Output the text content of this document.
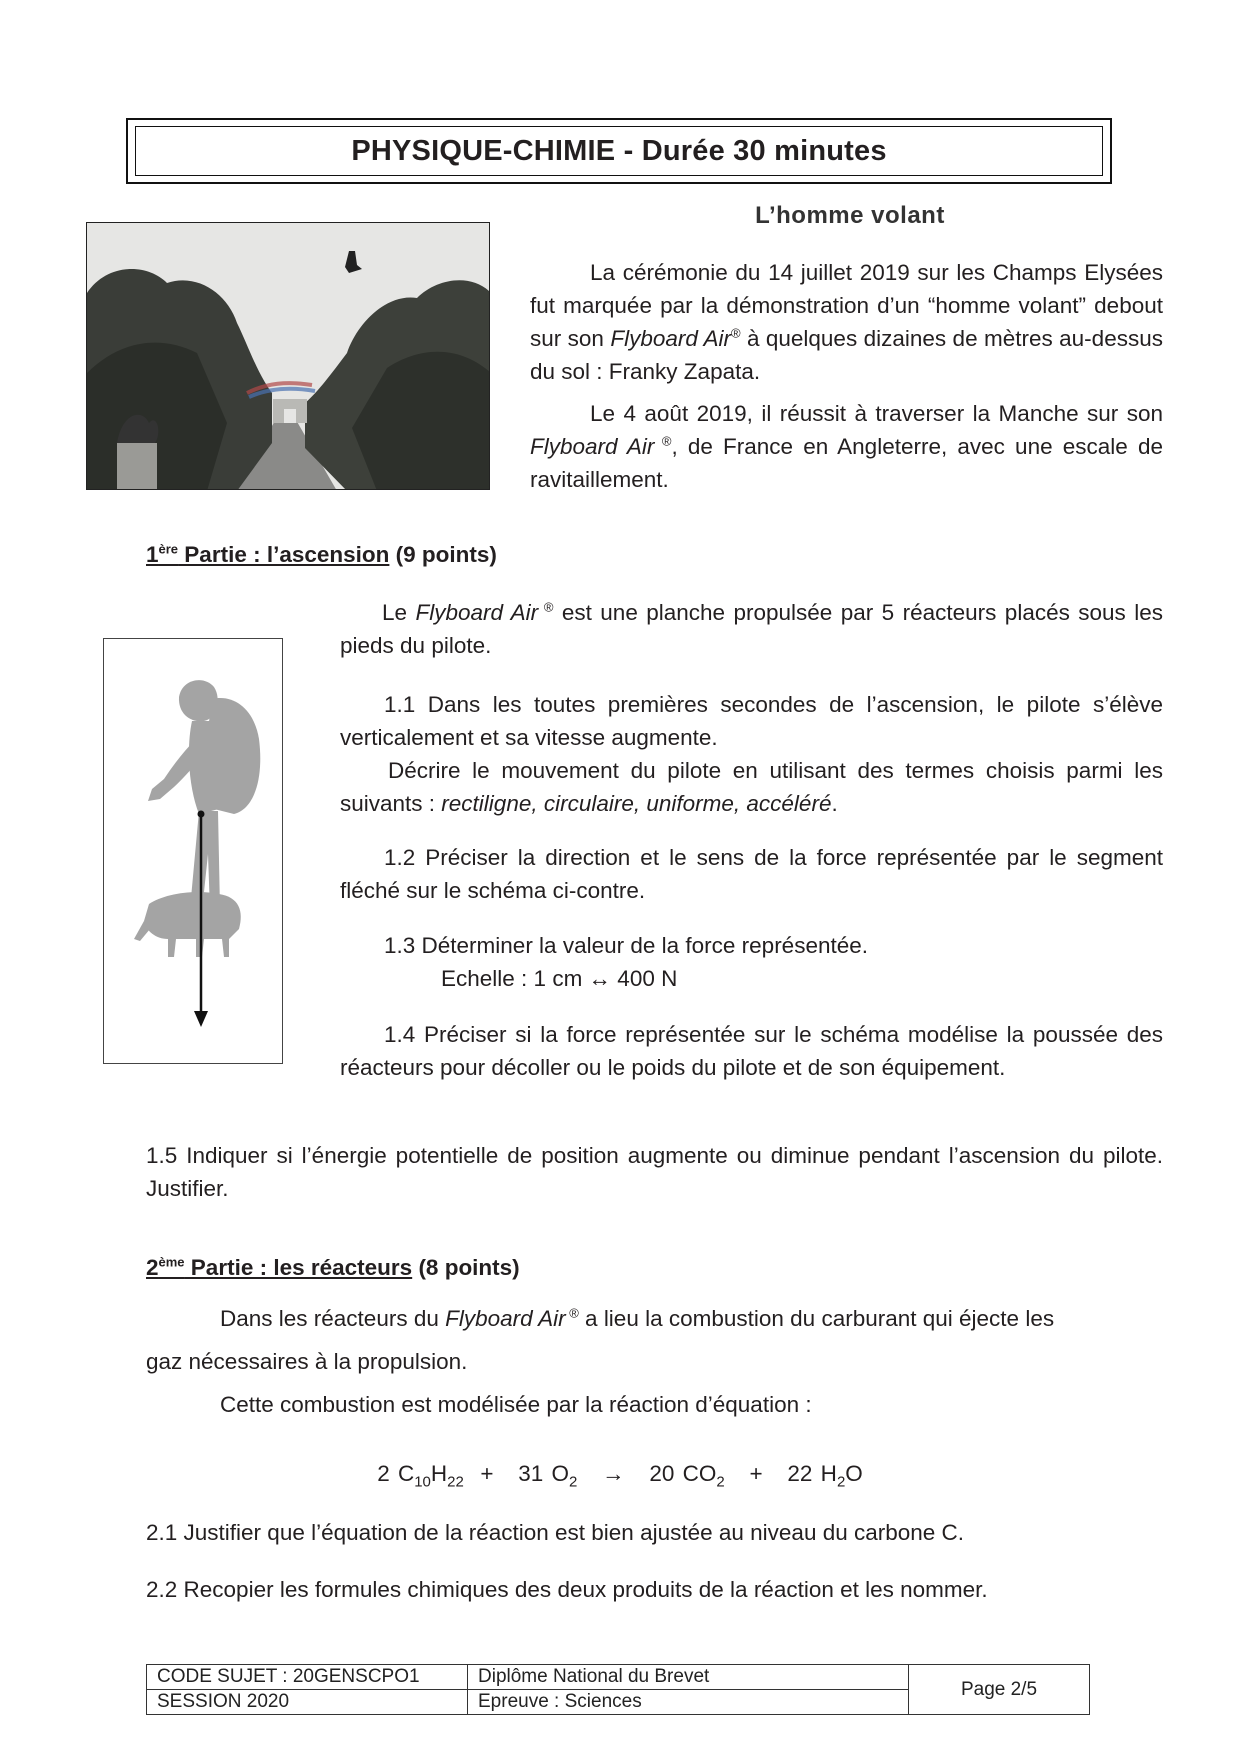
PHYSIQUE-CHIMIE - Durée 30 minutes
L’homme volant

La cérémonie du 14 juillet 2019 sur les Champs Elysées fut marquée par la démonstration d’un “homme volant” debout sur son Flyboard Air® à quelques dizaines de mètres au-dessus du sol : Franky Zapata.

Le 4 août 2019, il réussit à traverser la Manche sur son Flyboard Air ®, de France en Angleterre, avec une escale de ravitaillement.

1ère Partie : l’ascension (9 points)

Le Flyboard Air ® est une planche propulsée par 5 réacteurs placés sous les pieds du pilote.

1.1 Dans les toutes premières secondes de l’ascension, le pilote s’élève verticalement et sa vitesse augmente.

Décrire le mouvement du pilote en utilisant des termes choisis parmi les suivants : rectiligne, circulaire, uniforme, accéléré.

1.2 Préciser la direction et le sens de la force représentée par le segment fléché sur le schéma ci-contre.

1.3 Déterminer la valeur de la force représentée.

Echelle : 1 cm ↔ 400 N

1.4 Préciser si la force représentée sur le schéma modélise la poussée des réacteurs pour décoller ou le poids du pilote et de son équipement.

1.5 Indiquer si l’énergie potentielle de position augmente ou diminue pendant l’ascension du pilote. Justifier.

2ème Partie : les réacteurs (8 points)
Dans les réacteurs du Flyboard Air ® a lieu la combustion du carburant qui éjecte les
gaz nécessaires à la propulsion.
Cette combustion est modélisée par la réaction d’équation :
2 $C_{10}H_{22} + 31$ $O_2 \to 20$ $CO_2 + 22$ $H_2O$
2.1 Justifier que l’équation de la réaction est bien ajustée au niveau du carbone C.
2.2 Recopier les formules chimiques des deux produits de la réaction et les nommer.
CODE SUJET : 20GENSCPO1	Diplôme National du Brevet	Page 2/5
SESSION 2020	Epreuve : Sciences	
